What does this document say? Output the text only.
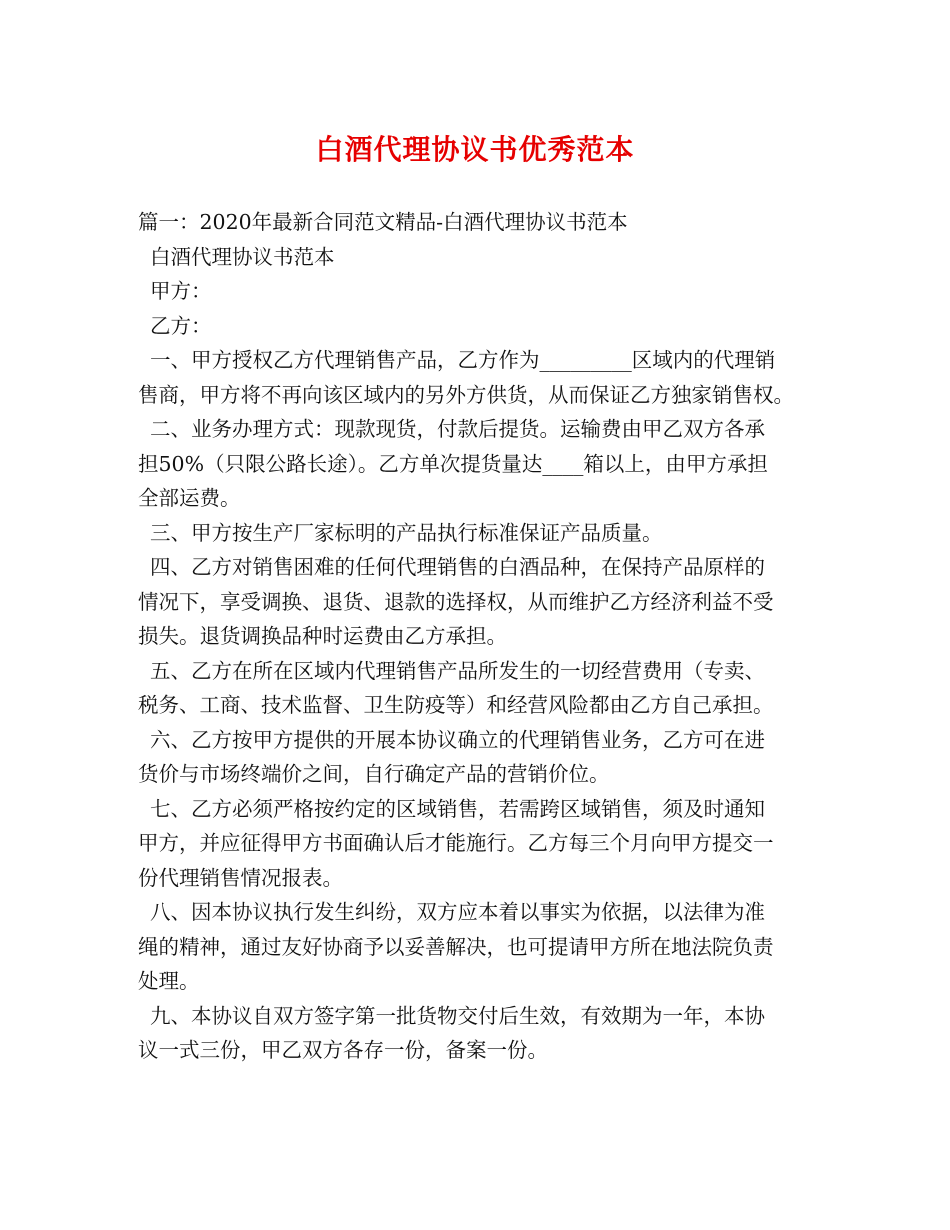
白酒代理协议书优秀范本

篇一：2020年最新合同范文精品-白酒代理协议书范本

白酒代理协议书范本

甲方：

乙方：

一、甲方授权乙方代理销售产品，乙方作为_________区域内的代理销

售商，甲方将不再向该区域内的另外方供货，从而保证乙方独家销售权。

二、业务办理方式：现款现货，付款后提货。运输费由甲乙双方各承

担50%（只限公路长途）。乙方单次提货量达____箱以上，由甲方承担

全部运费。

三、甲方按生产厂家标明的产品执行标准保证产品质量。

四、乙方对销售困难的任何代理销售的白酒品种，在保持产品原样的

情况下，享受调换、退货、退款的选择权，从而维护乙方经济利益不受

损失。退货调换品种时运费由乙方承担。

五、乙方在所在区域内代理销售产品所发生的一切经营费用（专卖、

税务、工商、技术监督、卫生防疫等）和经营风险都由乙方自己承担。

六、乙方按甲方提供的开展本协议确立的代理销售业务，乙方可在进

货价与市场终端价之间，自行确定产品的营销价位。

七、乙方必须严格按约定的区域销售，若需跨区域销售，须及时通知

甲方，并应征得甲方书面确认后才能施行。乙方每三个月向甲方提交一

份代理销售情况报表。

八、因本协议执行发生纠纷，双方应本着以事实为依据，以法律为准

绳的精神，通过友好协商予以妥善解决，也可提请甲方所在地法院负责

处理。

九、本协议自双方签字第一批货物交付后生效，有效期为一年，本协

议一式三份，甲乙双方各存一份，备案一份。
